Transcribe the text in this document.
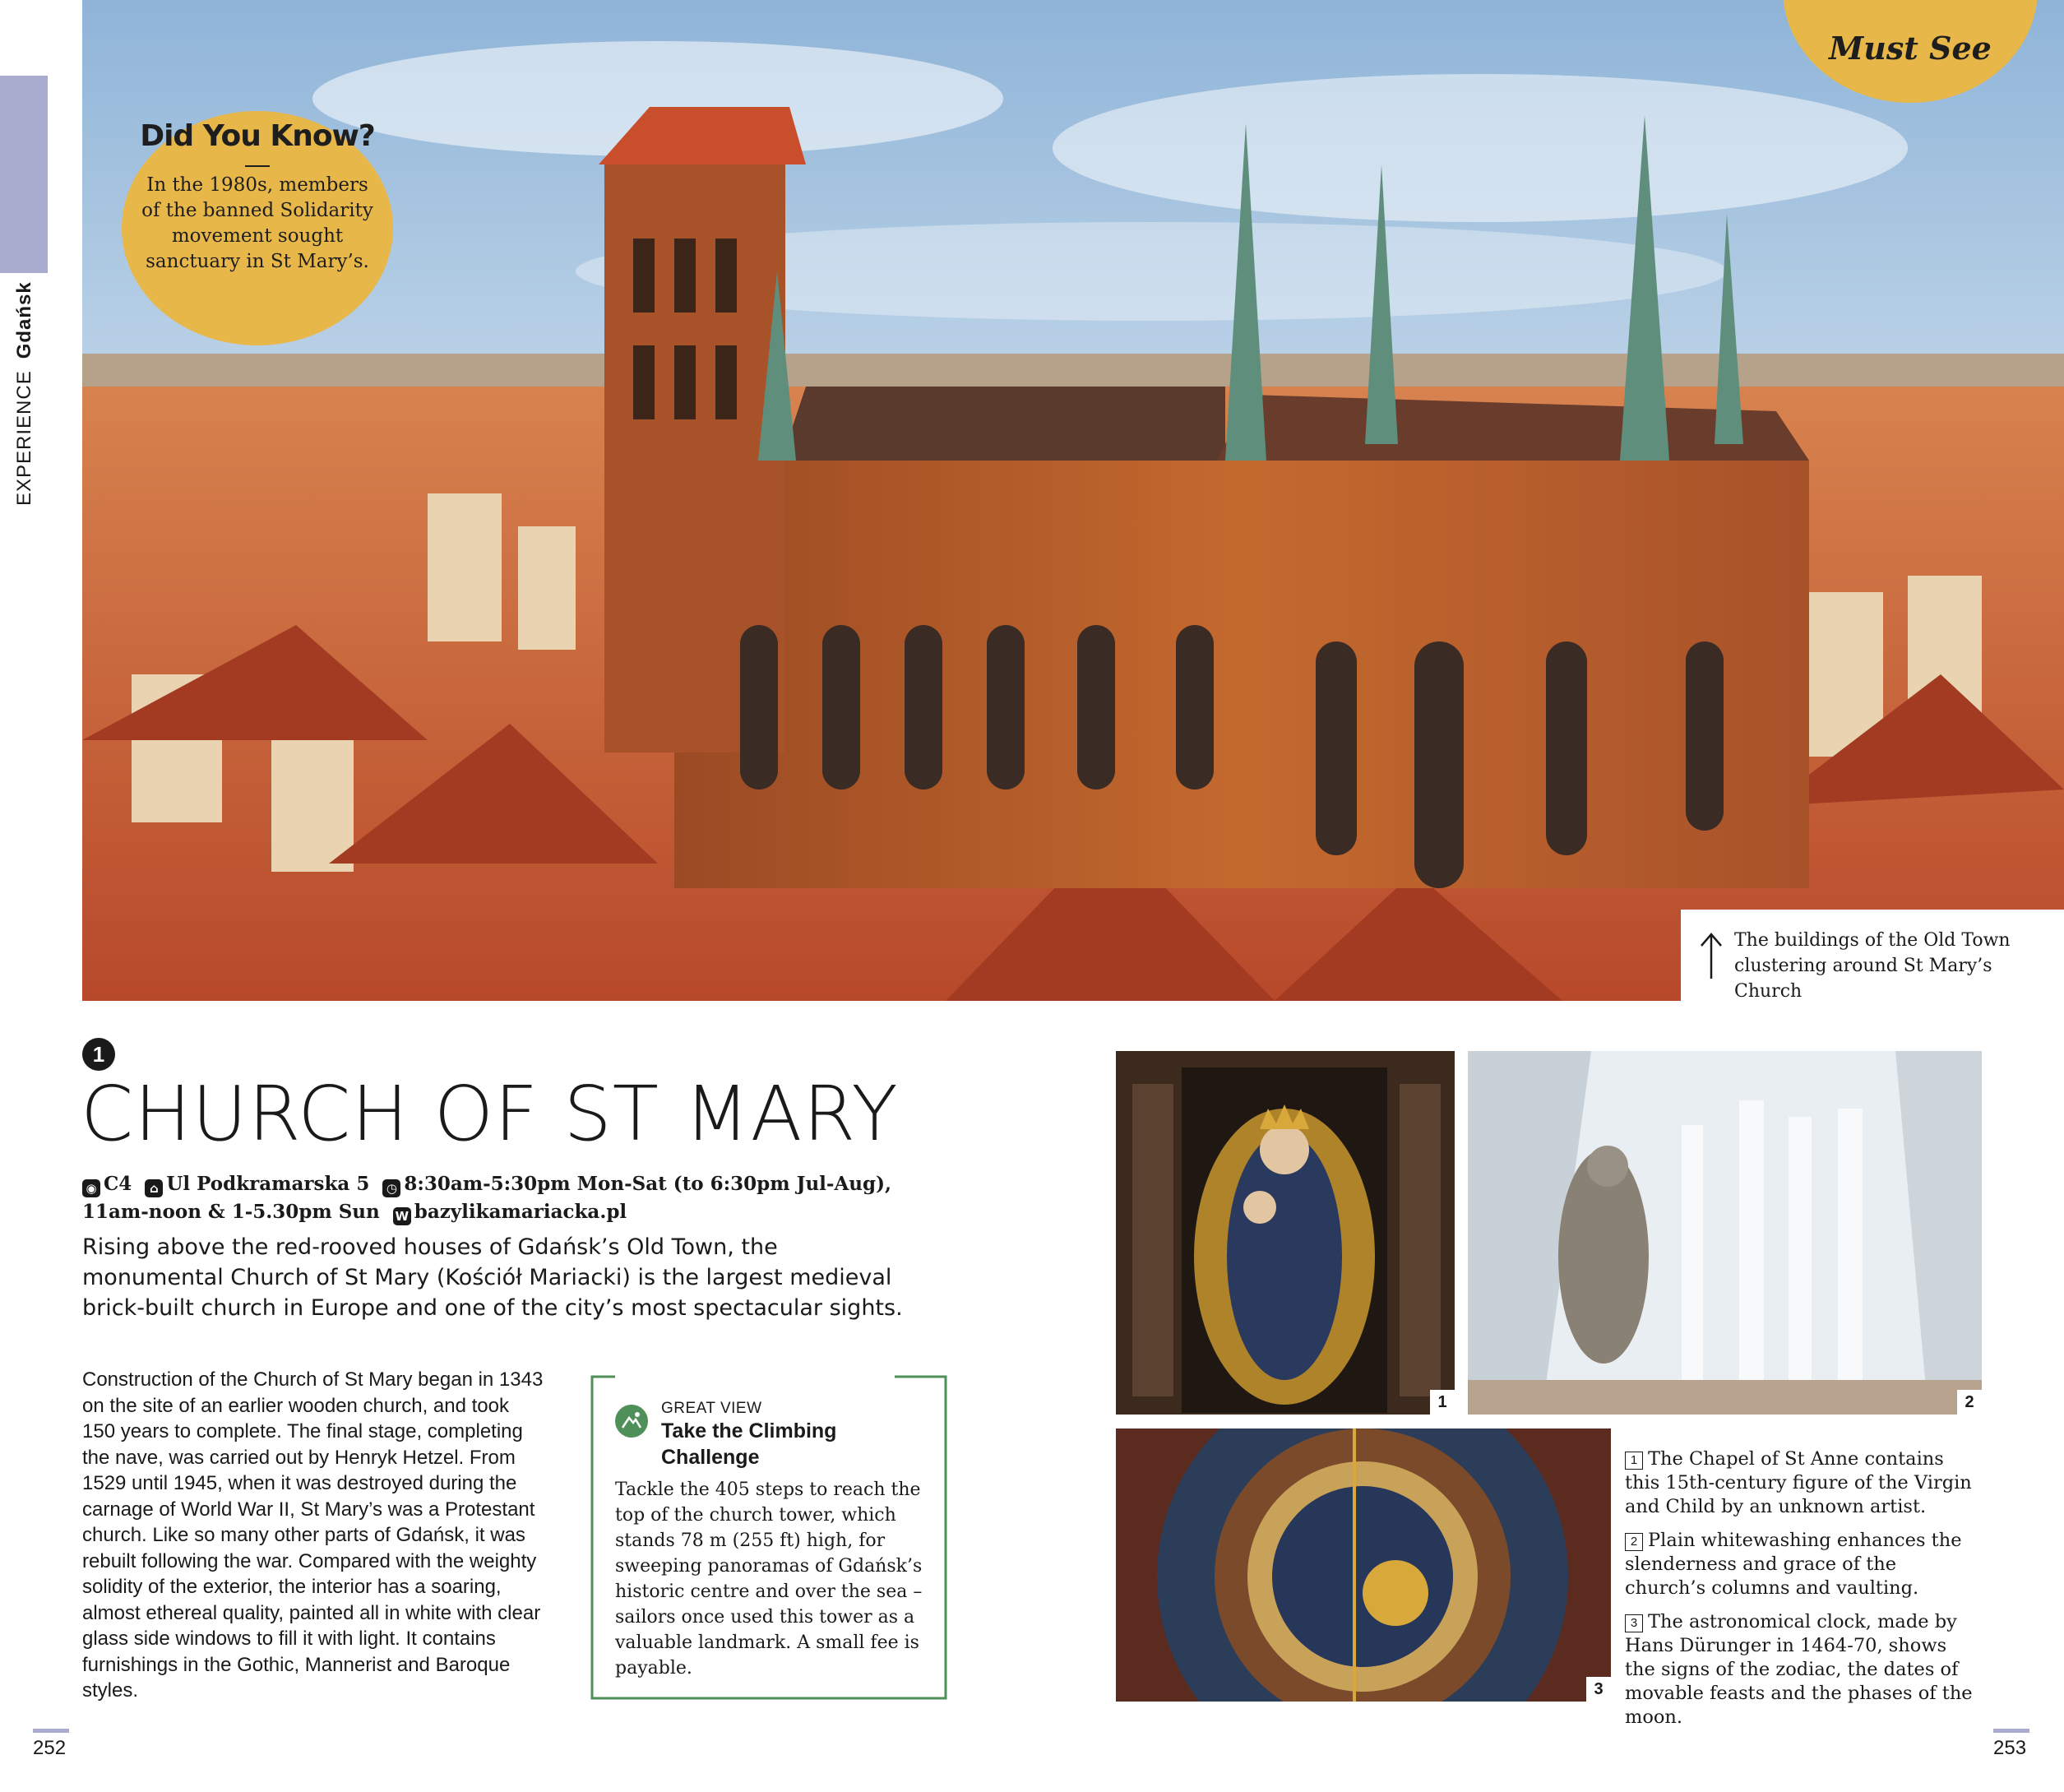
EXPERIENCE
Gdańsk
Did You Know?
In the 1980s, members of the banned Solidarity movement sought sanctuary in St Mary’s.
Must See
The buildings of the Old Town clustering around St Mary’s Church
1
CHURCH OF ST MARY
◉ C4 ⌂ Ul Podkramarska 5 ◷ 8:30am-5:30pm Mon-Sat (to 6:30pm Jul-Aug), 11am-noon & 1-5.30pm Sun W bazylikamariacka.pl
Rising above the red-rooved houses of Gdańsk’s Old Town, the monumental Church of St Mary (Kościół Mariacki) is the largest medieval brick-built church in Europe and one of the city’s most spectacular sights.
Construction of the Church of St Mary began in 1343 on the site of an earlier wooden church, and took 150 years to complete. The final stage, completing the nave, was carried out by Henryk Hetzel. From 1529 until 1945, when it was destroyed during the carnage of World War II, St Mary’s was a Protestant church. Like so many other parts of Gdańsk, it was rebuilt following the war. Compared with the weighty solidity of the exterior, the interior has a soaring, almost ethereal quality, painted all in white with clear glass side windows to fill it with light. It contains furnishings in the Gothic, Mannerist and Baroque styles.
GREAT VIEW
Take the Climbing Challenge
Tackle the 405 steps to reach the top of the church tower, which stands 78 m (255 ft) high, for sweeping panoramas of Gdańsk’s historic centre and over the sea – sailors once used this tower as a valuable landmark. A small fee is payable.
1	2
3
1 The Chapel of St Anne contains this 15th-century figure of the Virgin and Child by an unknown artist.
2 Plain whitewashing enhances the slenderness and grace of the church’s columns and vaulting.
3 The astronomical clock, made by Hans Dürunger in 1464-70, shows the signs of the zodiac, the dates of movable feasts and the phases of the moon.
252	253
